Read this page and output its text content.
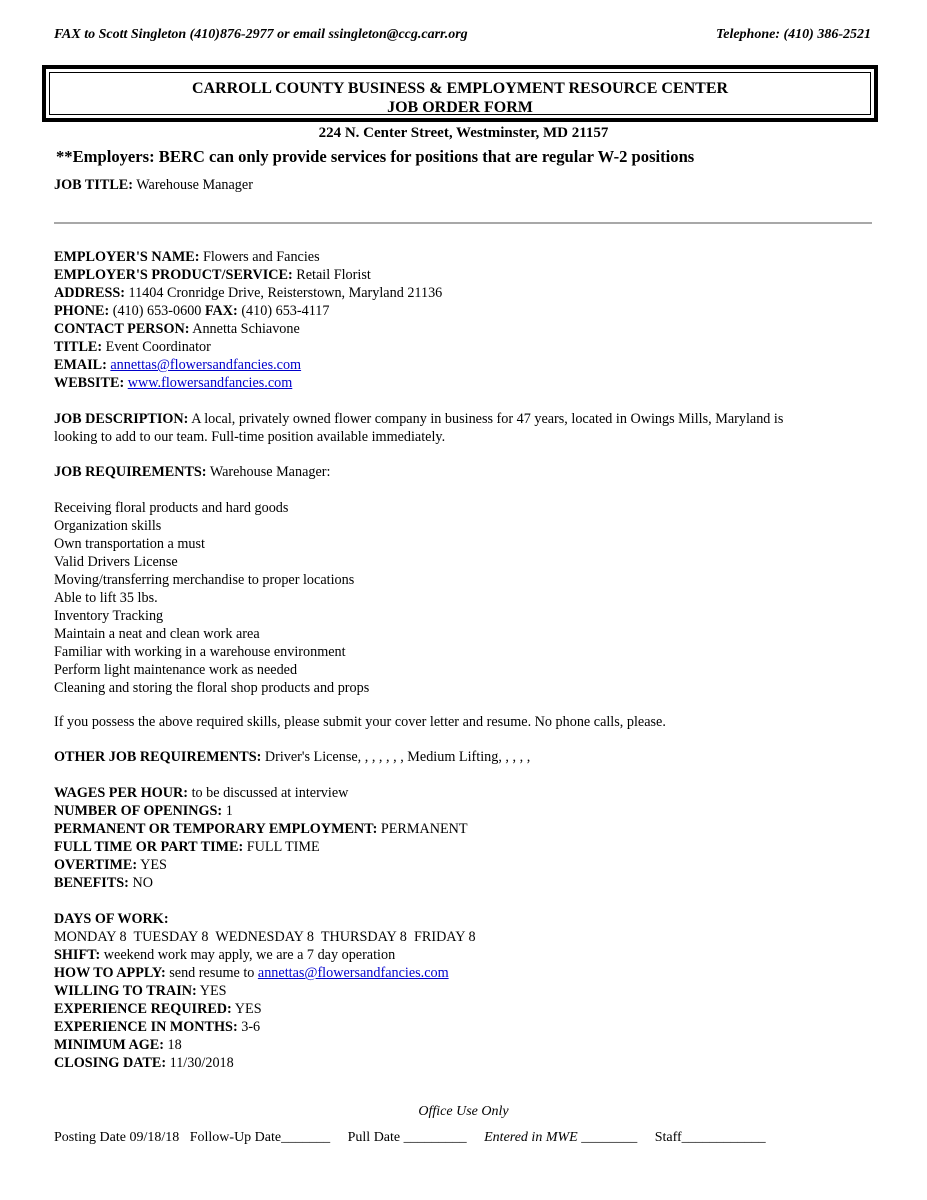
FAX to Scott Singleton (410)876-2977 or email ssingleton@ccg.carr.org	Telephone: (410) 386-2521
CARROLL COUNTY BUSINESS & EMPLOYMENT RESOURCE CENTER
JOB ORDER FORM
224 N. Center Street, Westminster, MD 21157
**Employers: BERC can only provide services for positions that are regular W-2 positions
JOB TITLE: Warehouse Manager
EMPLOYER'S NAME: Flowers and Fancies
EMPLOYER'S PRODUCT/SERVICE: Retail Florist
ADDRESS: 11404 Cronridge Drive, Reisterstown, Maryland 21136
PHONE: (410) 653-0600 FAX: (410) 653-4117
CONTACT PERSON: Annetta Schiavone
TITLE: Event Coordinator
EMAIL: annettas@flowersandfancies.com
WEBSITE: www.flowersandfancies.com
JOB DESCRIPTION: A local, privately owned flower company in business for 47 years, located in Owings Mills, Maryland is
looking to add to our team. Full-time position available immediately.
JOB REQUIREMENTS: Warehouse Manager:
Receiving floral products and hard goods
Organization skills
Own transportation a must
Valid Drivers License
Moving/transferring merchandise to proper locations
Able to lift 35 lbs.
Inventory Tracking
Maintain a neat and clean work area
Familiar with working in a warehouse environment
Perform light maintenance work as needed
Cleaning and storing the floral shop products and props
If you possess the above required skills, please submit your cover letter and resume. No phone calls, please.
OTHER JOB REQUIREMENTS: Driver's License, , , , , , , Medium Lifting, , , , ,
WAGES PER HOUR: to be discussed at interview
NUMBER OF OPENINGS: 1
PERMANENT OR TEMPORARY EMPLOYMENT: PERMANENT
FULL TIME OR PART TIME: FULL TIME
OVERTIME: YES
BENEFITS: NO
DAYS OF WORK:
MONDAY 8  TUESDAY 8  WEDNESDAY 8  THURSDAY 8  FRIDAY 8
SHIFT: weekend work may apply, we are a 7 day operation
HOW TO APPLY: send resume to annettas@flowersandfancies.com
WILLING TO TRAIN: YES
EXPERIENCE REQUIRED: YES
EXPERIENCE IN MONTHS: 3-6
MINIMUM AGE: 18
CLOSING DATE: 11/30/2018
Office Use Only
Posting Date 09/18/18 Follow-Up Date_______ Pull Date _________ Entered in MWE ________ Staff____________
